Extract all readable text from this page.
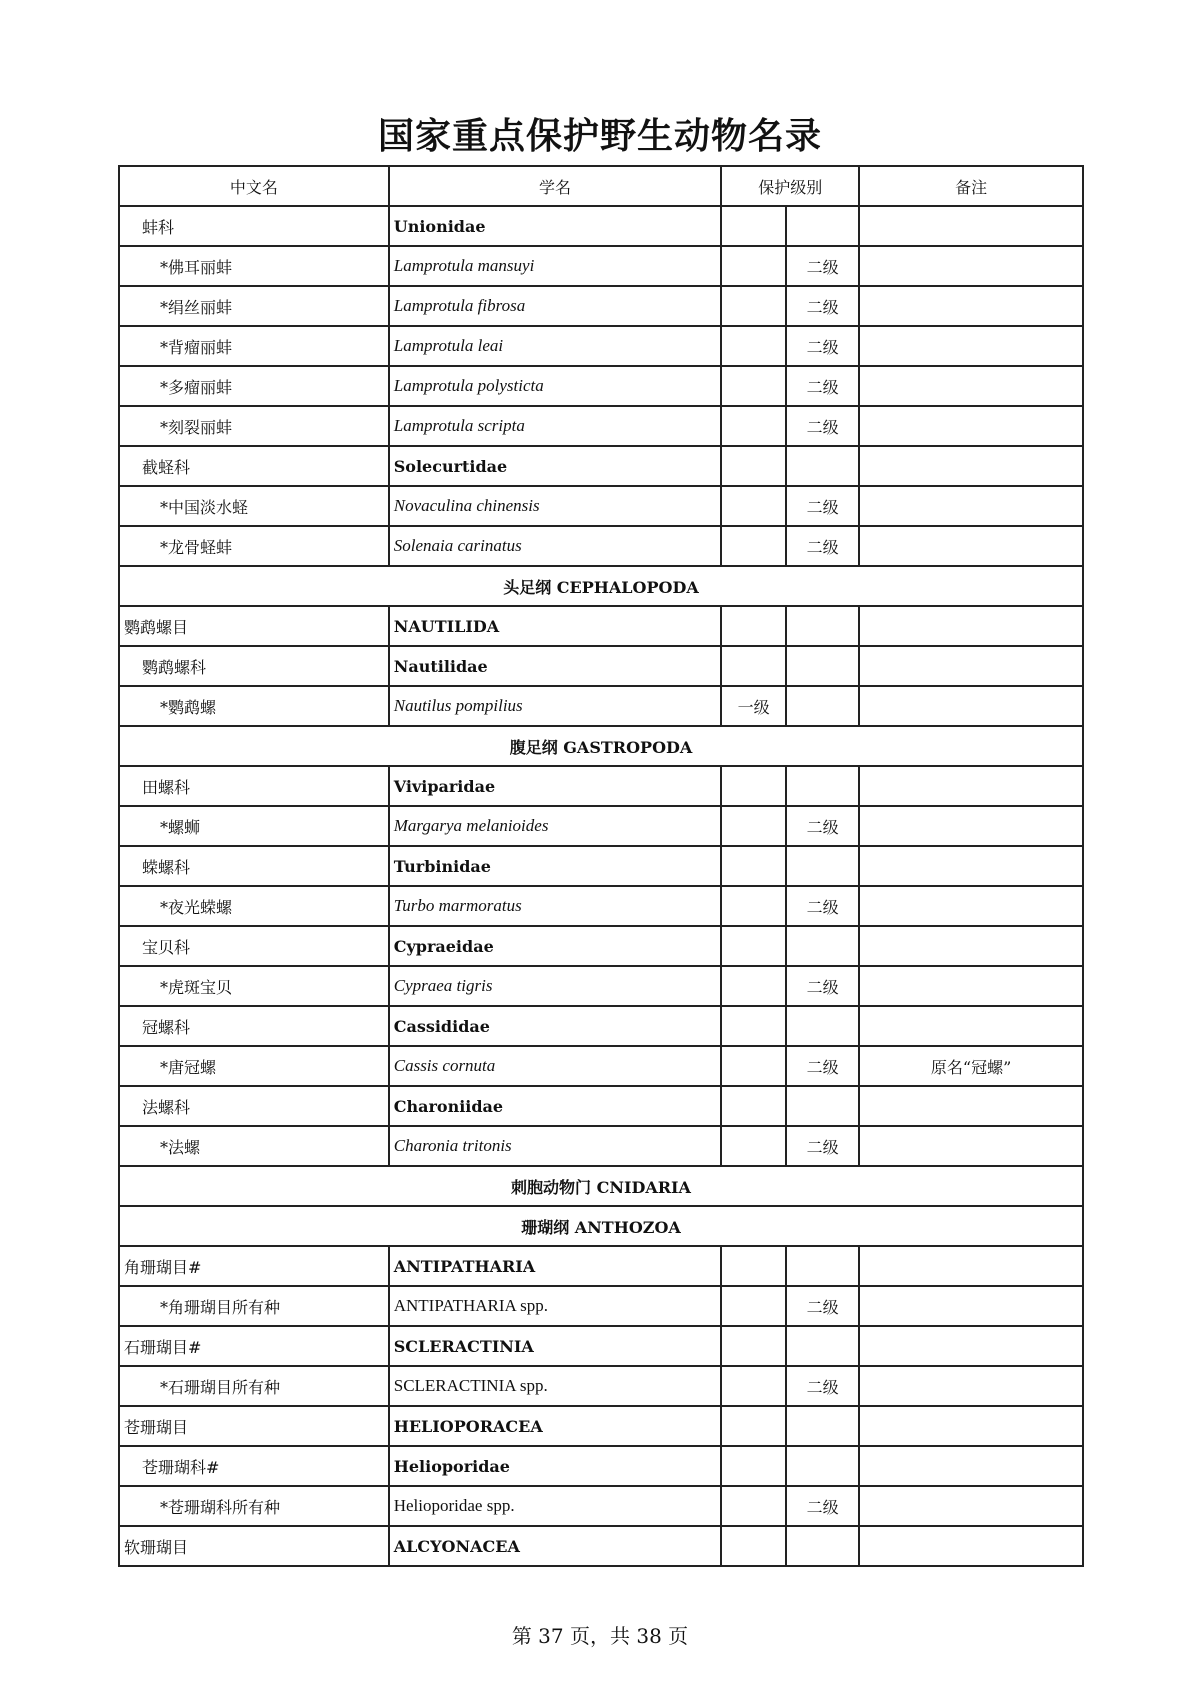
国家重点保护野生动物名录
中文名	学名	保护级别		备注
蚌科	Unionidae			
*佛耳丽蚌	Lamprotula mansuyi		二级	
*绢丝丽蚌	Lamprotula fibrosa		二级	
*背瘤丽蚌	Lamprotula leai		二级	
*多瘤丽蚌	Lamprotula polysticta		二级	
*刻裂丽蚌	Lamprotula scripta		二级	
截蛏科	Solecurtidae			
*中国淡水蛏	Novaculina chinensis		二级	
*龙骨蛏蚌	Solenaia carinatus		二级	
头足纲 CEPHALOPODA				
鹦鹉螺目	NAUTILIDA			
鹦鹉螺科	Nautilidae			
*鹦鹉螺	Nautilus pompilius	一级		
腹足纲 GASTROPODA				
田螺科	Viviparidae			
*螺蛳	Margarya melanioides		二级	
蝾螺科	Turbinidae			
*夜光蝾螺	Turbo marmoratus		二级	
宝贝科	Cypraeidae			
*虎斑宝贝	Cypraea tigris		二级	
冠螺科	Cassididae			
*唐冠螺	Cassis cornuta		二级	原名“冠螺”
法螺科	Charoniidae			
*法螺	Charonia tritonis		二级	
刺胞动物门 CNIDARIA				
珊瑚纲 ANTHOZOA				
角珊瑚目#	ANTIPATHARIA			
*角珊瑚目所有种	ANTIPATHARIA spp.		二级	
石珊瑚目#	SCLERACTINIA			
*石珊瑚目所有种	SCLERACTINIA spp.		二级	
苍珊瑚目	HELIOPORACEA			
苍珊瑚科#	Helioporidae			
*苍珊瑚科所有种	Helioporidae spp.		二级	
软珊瑚目	ALCYONACEA			
第 37 页，共 38 页
